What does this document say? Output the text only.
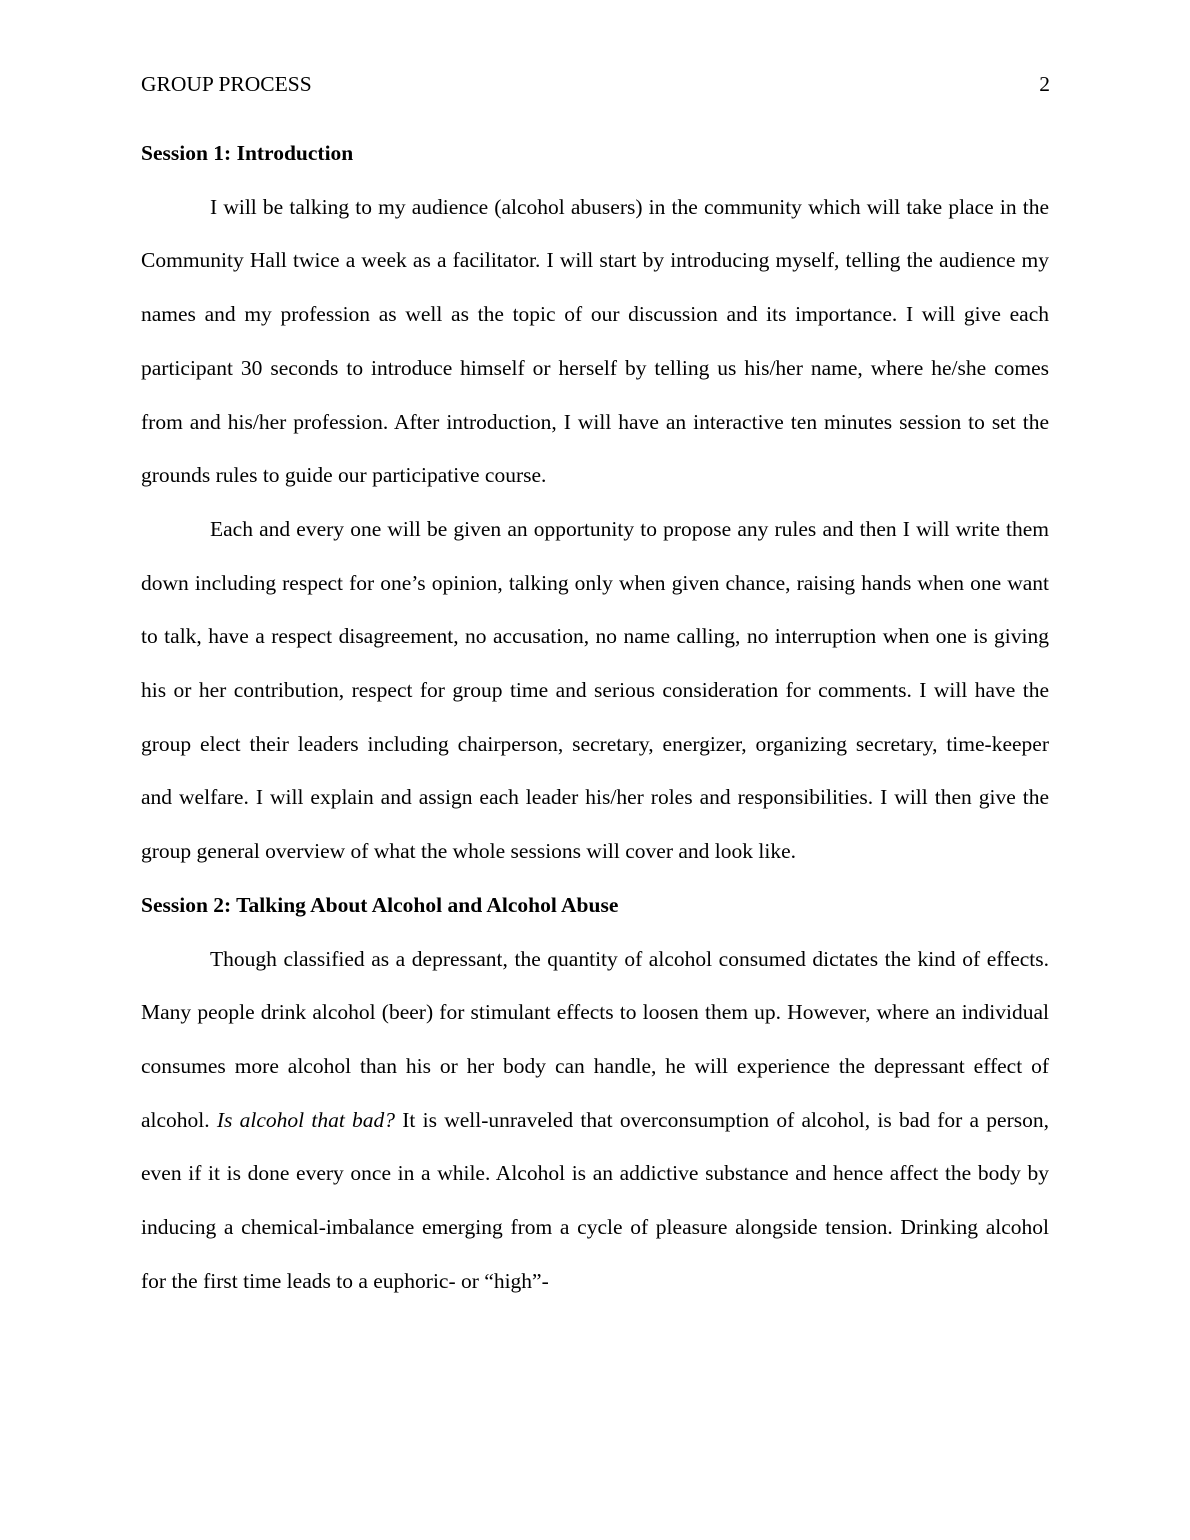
GROUP PROCESS	2

Session 1: Introduction

I will be talking to my audience (alcohol abusers) in the community which will take place in the Community Hall twice a week as a facilitator. I will start by introducing myself, telling the audience my names and my profession as well as the topic of our discussion and its importance. I will give each participant 30 seconds to introduce himself or herself by telling us his/her name, where he/she comes from and his/her profession. After introduction, I will have an interactive ten minutes session to set the grounds rules to guide our participative course.

Each and every one will be given an opportunity to propose any rules and then I will write them down including respect for one’s opinion, talking only when given chance, raising hands when one want to talk, have a respect disagreement, no accusation, no name calling, no interruption when one is giving his or her contribution, respect for group time and serious consideration for comments. I will have the group elect their leaders including chairperson, secretary, energizer, organizing secretary, time-keeper and welfare. I will explain and assign each leader his/her roles and responsibilities. I will then give the group general overview of what the whole sessions will cover and look like.

Session 2: Talking About Alcohol and Alcohol Abuse

Though classified as a depressant, the quantity of alcohol consumed dictates the kind of effects. Many people drink alcohol (beer) for stimulant effects to loosen them up. However, where an individual consumes more alcohol than his or her body can handle, he will experience the depressant effect of alcohol. Is alcohol that bad? It is well-unraveled that overconsumption of alcohol, is bad for a person, even if it is done every once in a while. Alcohol is an addictive substance and hence affect the body by inducing a chemical-imbalance emerging from a cycle of pleasure alongside tension. Drinking alcohol for the first time leads to a euphoric- or “high”-
